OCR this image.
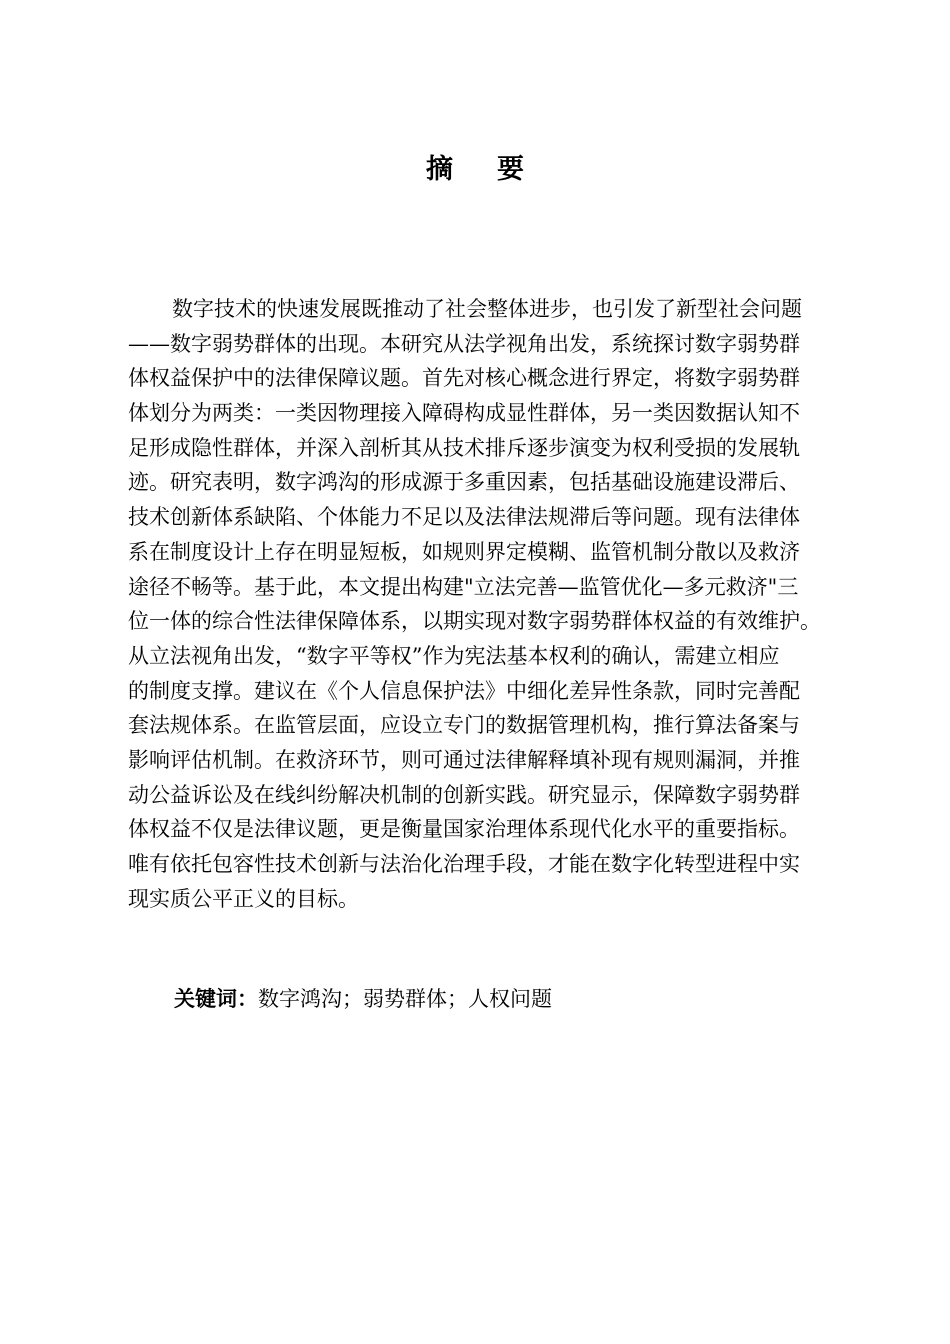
摘要
数字技术的快速发展既推动了社会整体进步，也引发了新型社会问题
——数字弱势群体的出现。本研究从法学视角出发，系统探讨数字弱势群
体权益保护中的法律保障议题。首先对核心概念进行界定，将数字弱势群
体划分为两类：一类因物理接入障碍构成显性群体，另一类因数据认知不
足形成隐性群体，并深入剖析其从技术排斥逐步演变为权利受损的发展轨
迹。研究表明，数字鸿沟的形成源于多重因素，包括基础设施建设滞后、
技术创新体系缺陷、个体能力不足以及法律法规滞后等问题。现有法律体
系在制度设计上存在明显短板，如规则界定模糊、监管机制分散以及救济
途径不畅等。基于此，本文提出构建"立法完善—监管优化—多元救济"三
位一体的综合性法律保障体系，以期实现对数字弱势群体权益的有效维护。
从立法视角出发，“数字平等权”作为宪法基本权利的确认，需建立相应
的制度支撑。建议在《个人信息保护法》中细化差异性条款，同时完善配
套法规体系。在监管层面，应设立专门的数据管理机构，推行算法备案与
影响评估机制。在救济环节，则可通过法律解释填补现有规则漏洞，并推
动公益诉讼及在线纠纷解决机制的创新实践。研究显示，保障数字弱势群
体权益不仅是法律议题，更是衡量国家治理体系现代化水平的重要指标。
唯有依托包容性技术创新与法治化治理手段，才能在数字化转型进程中实
现实质公平正义的目标。
关键词：数字鸿沟；弱势群体；人权问题
